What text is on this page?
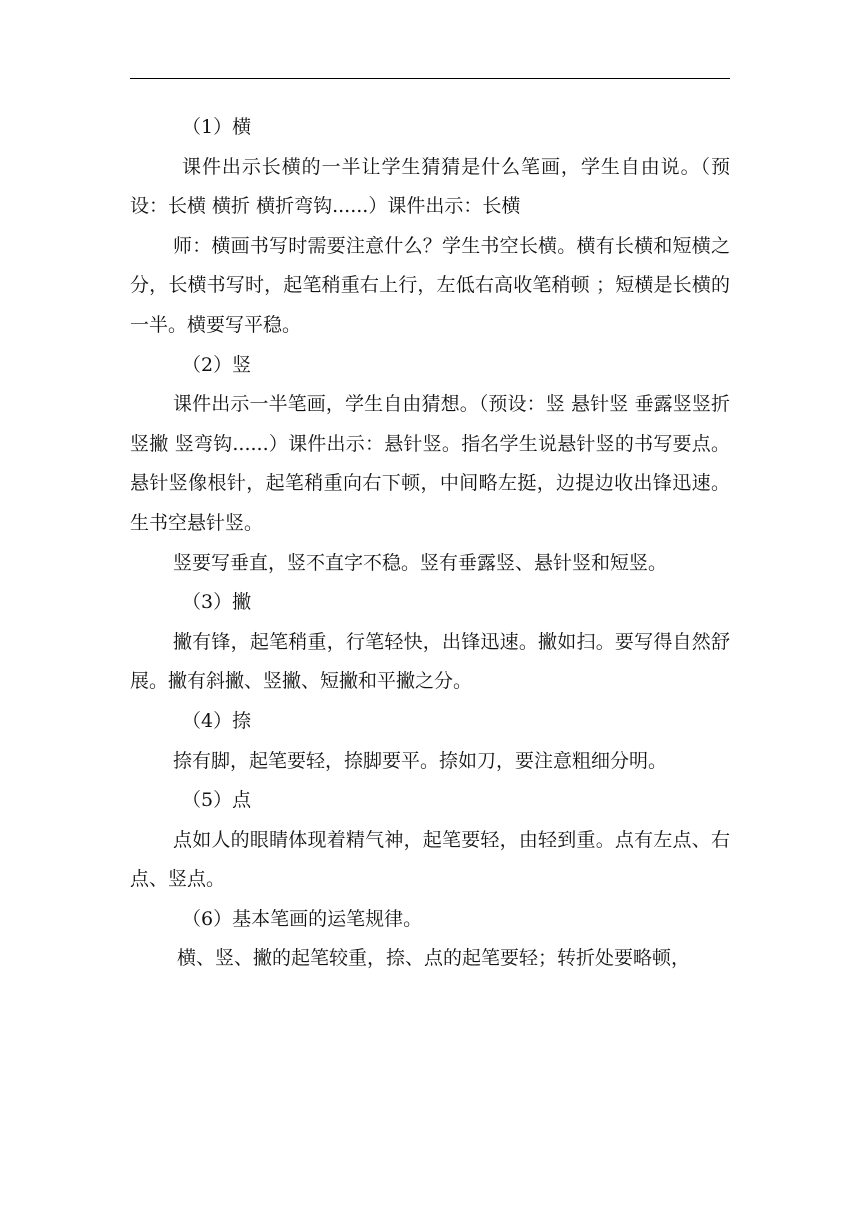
（1）横

课件出示长横的一半让学生猜猜是什么笔画，学生自由说。（预设：长横 横折 横折弯钩......）课件出示：长横

师：横画书写时需要注意什么？学生书空长横。横有长横和短横之分，长横书写时，起笔稍重右上行，左低右高收笔稍顿 ；短横是长横的一半。横要写平稳。

（2）竖

课件出示一半笔画，学生自由猜想。（预设：竖 悬针竖 垂露竖竖折 竖撇 竖弯钩......）课件出示：悬针竖。指名学生说悬针竖的书写要点。悬针竖像根针，起笔稍重向右下顿，中间略左挺，边提边收出锋迅速。生书空悬针竖。

竖要写垂直，竖不直字不稳。竖有垂露竖、悬针竖和短竖。

（3）撇

撇有锋，起笔稍重，行笔轻快，出锋迅速。撇如扫。要写得自然舒展。撇有斜撇、竖撇、短撇和平撇之分。

（4）捺

捺有脚，起笔要轻，捺脚要平。捺如刀，要注意粗细分明。

（5）点

点如人的眼睛体现着精气神，起笔要轻，由轻到重。点有左点、右点、竖点。

（6）基本笔画的运笔规律。

横、竖、撇的起笔较重，捺、点的起笔要轻；转折处要略顿，
